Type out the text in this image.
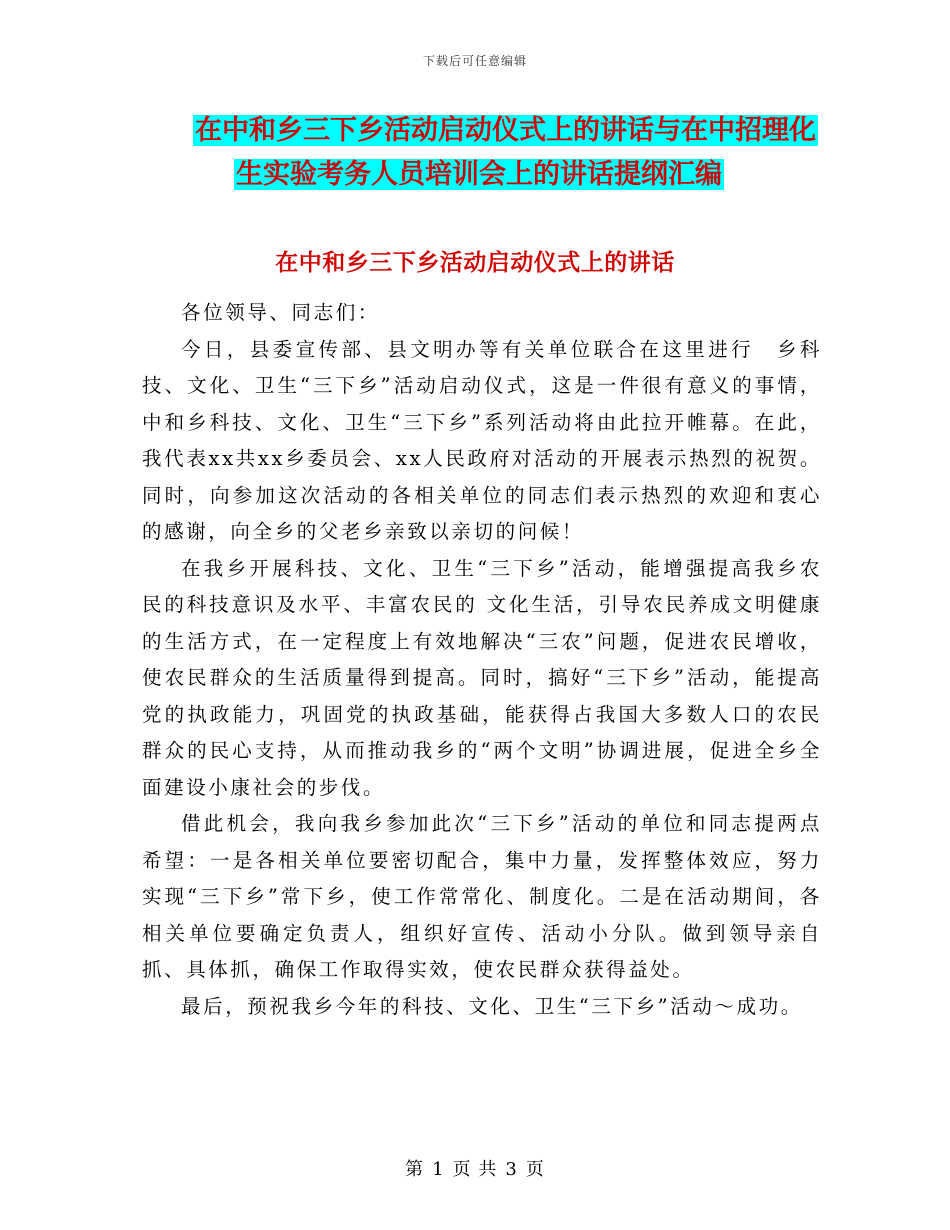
下载后可任意编辑
在中和乡三下乡活动启动仪式上的讲话与在中招理化
生实验考务人员培训会上的讲话提纲汇编
在中和乡三下乡活动启动仪式上的讲话

各位领导、同志们：

今日，县委宣传部、县文明办等有关单位联合在这里进行　乡科技、文化、卫生“三下乡”活动启动仪式，这是一件很有意义的事情，中和乡科技、文化、卫生“三下乡”系列活动将由此拉开帷幕。在此，我代表xx共xx乡委员会、xx人民政府对活动的开展表示热烈的祝贺。同时，向参加这次活动的各相关单位的同志们表示热烈的欢迎和衷心的感谢，向全乡的父老乡亲致以亲切的问候！

在我乡开展科技、文化、卫生“三下乡”活动，能增强提高我乡农民的科技意识及水平、丰富农民的 文化生活，引导农民养成文明健康的生活方式，在一定程度上有效地解决“三农”问题，促进农民增收，使农民群众的生活质量得到提高。同时，搞好“三下乡”活动，能提高党的执政能力，巩固党的执政基础，能获得占我国大多数人口的农民群众的民心支持，从而推动我乡的“两个文明”协调进展，促进全乡全面建设小康社会的步伐。

借此机会，我向我乡参加此次“三下乡”活动的单位和同志提两点希望：一是各相关单位要密切配合，集中力量，发挥整体效应，努力实现“三下乡”常下乡，使工作常常化、制度化。二是在活动期间，各相关单位要确定负责人，组织好宣传、活动小分队。做到领导亲自抓、具体抓，确保工作取得实效，使农民群众获得益处。

最后，预祝我乡今年的科技、文化、卫生“三下乡”活动～成功。

第 1 页 共 3 页
